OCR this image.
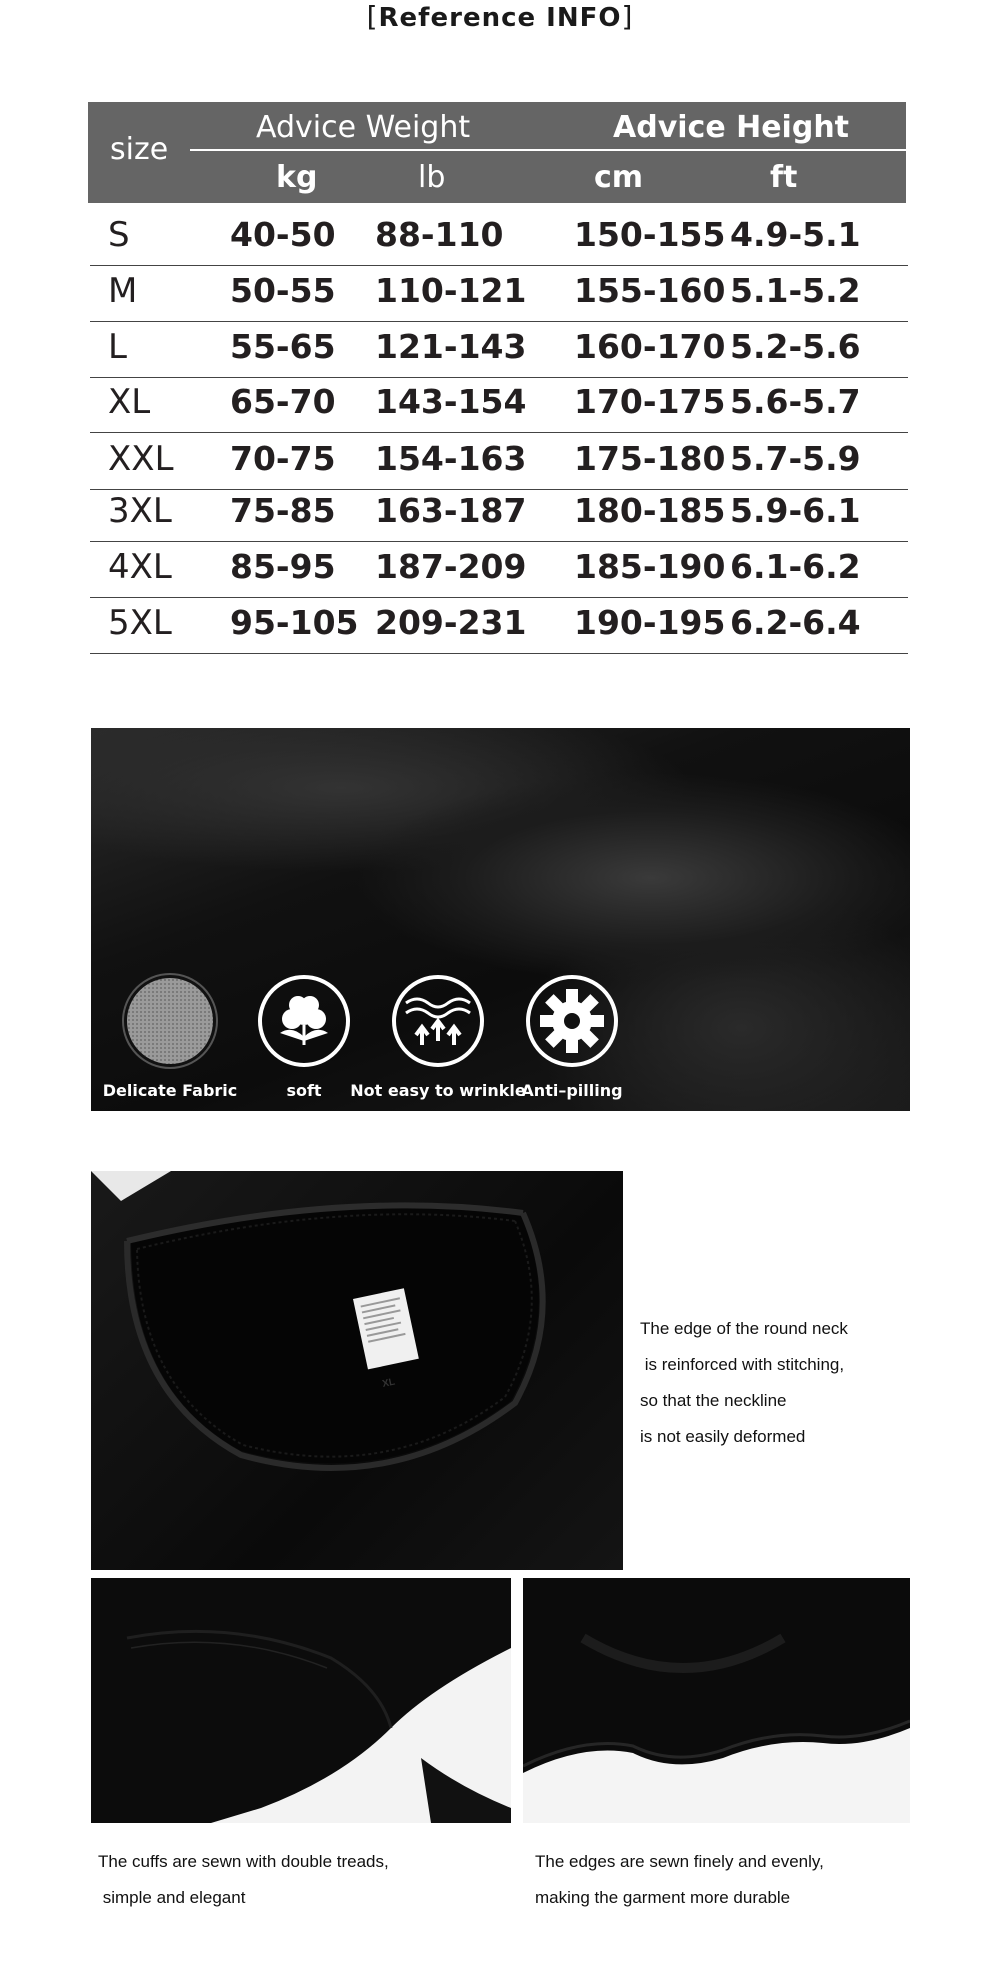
[Reference INFO]
size
Advice Weight	Advice Height
kg	lb	cm	ft
S	40-50 88-110 150-155 4.9-5.1
M	50-55 110-121 155-160 5.1-5.2
L	55-65 121-143 160-170 5.2-5.6
XL 65-70 143-154 170-175 5.6-5.7
XXL 70-75 154-163 175-180 5.7-5.9
3XL 75-85 163-187 180-185 5.9-6.1
4XL 85-95 187-209 185-190 6.1-6.2
5XL 95-105 209-231 190-195 6.2-6.4
Delicate Fabric	soft	Not easy to wrinkle
Anti–pilling
XL
The edge of the round neck
is reinforced with stitching,
so that the neckline
is not easily deformed
The cuffs are sewn with double treads,
simple and elegant
The edges are sewn finely and evenly,
making the garment more durable
